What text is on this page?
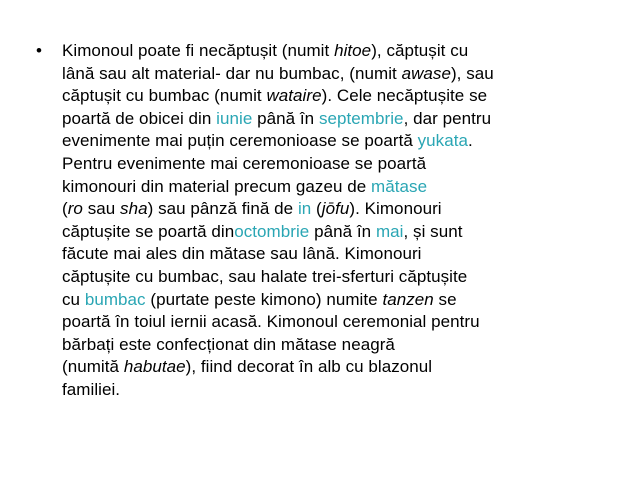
• Kimonoul poate fi necăptușit (numit hitoe), căptușit cu
lână sau alt material- dar nu bumbac, (numit awase), sau
căptușit cu bumbac (numit wataire). Cele necăptușite se
poartă de obicei din iunie până în septembrie, dar pentru
evenimente mai puțin ceremonioase se poartă yukata.
Pentru evenimente mai ceremonioase se poartă
kimonouri din material precum gazeu de mătase
(ro sau sha) sau pânză fină de in (jōfu). Kimonouri
căptușite se poartă dinoctombrie până în mai, și sunt
făcute mai ales din mătase sau lână. Kimonouri
căptușite cu bumbac, sau halate trei-sferturi căptușite
cu bumbac (purtate peste kimono) numite tanzen se
poartă în toiul iernii acasă. Kimonoul ceremonial pentru
bărbați este confecționat din mătase neagră
(numită habutae), fiind decorat în alb cu blazonul
familiei.
